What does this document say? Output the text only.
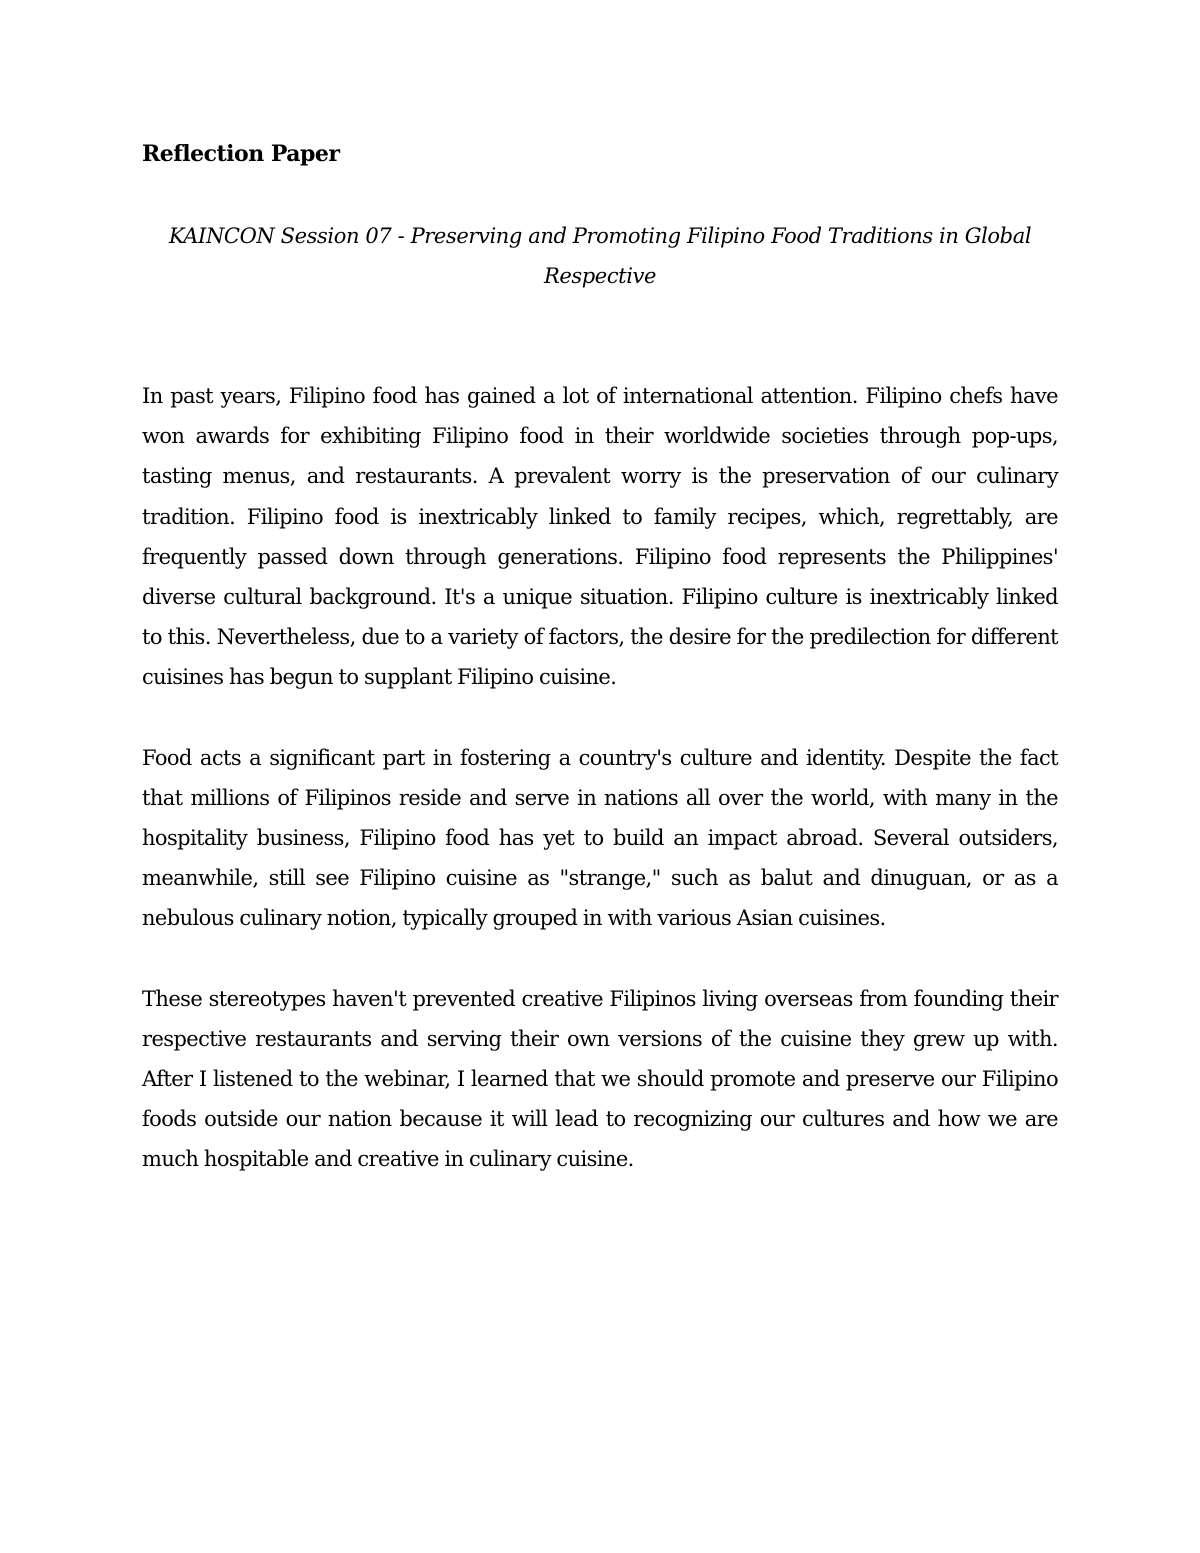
Reflection Paper

KAINCON Session 07 - Preserving and Promoting Filipino Food Traditions in Global Respective

In past years, Filipino food has gained a lot of international attention. Filipino chefs have won awards for exhibiting Filipino food in their worldwide societies through pop-ups, tasting menus, and restaurants. A prevalent worry is the preservation of our culinary tradition. Filipino food is inextricably linked to family recipes, which, regrettably, are frequently passed down through generations. Filipino food represents the Philippines' diverse cultural background. It's a unique situation. Filipino culture is inextricably linked to this. Nevertheless, due to a variety of factors, the desire for the predilection for different cuisines has begun to supplant Filipino cuisine.

Food acts a significant part in fostering a country's culture and identity. Despite the fact that millions of Filipinos reside and serve in nations all over the world, with many in the hospitality business, Filipino food has yet to build an impact abroad. Several outsiders, meanwhile, still see Filipino cuisine as "strange," such as balut and dinuguan, or as a nebulous culinary notion, typically grouped in with various Asian cuisines.

These stereotypes haven't prevented creative Filipinos living overseas from founding their respective restaurants and serving their own versions of the cuisine they grew up with. After I listened to the webinar, I learned that we should promote and preserve our Filipino foods outside our nation because it will lead to recognizing our cultures and how we are much hospitable and creative in culinary cuisine.
